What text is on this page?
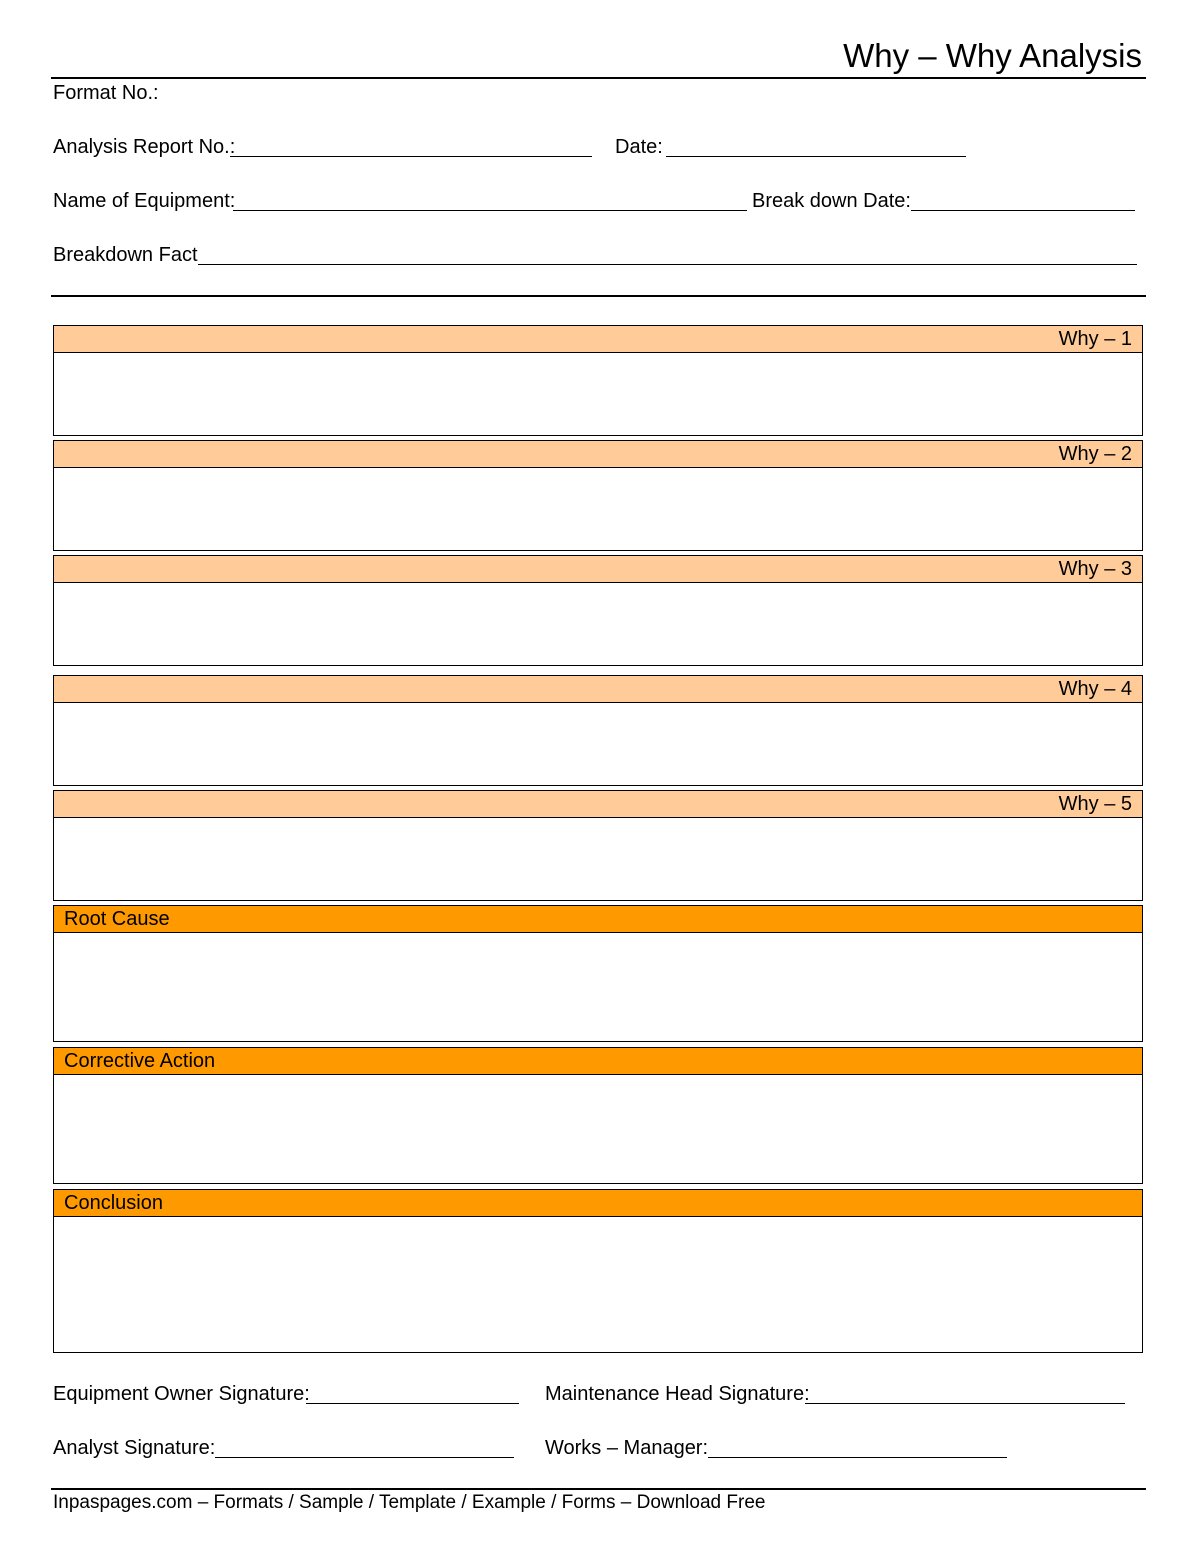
Why – Why Analysis
Format No.:
Analysis Report No.:	Date:
Name of Equipment:	Break down Date:
Breakdown Fact
Why – 1
Why – 2
Why – 3
Why – 4
Why – 5
Root Cause
Corrective Action
Conclusion
Equipment Owner Signature:	Maintenance Head Signature:
Analyst Signature:	Works – Manager:
Inpaspages.com – Formats / Sample / Template / Example / Forms – Download Free
